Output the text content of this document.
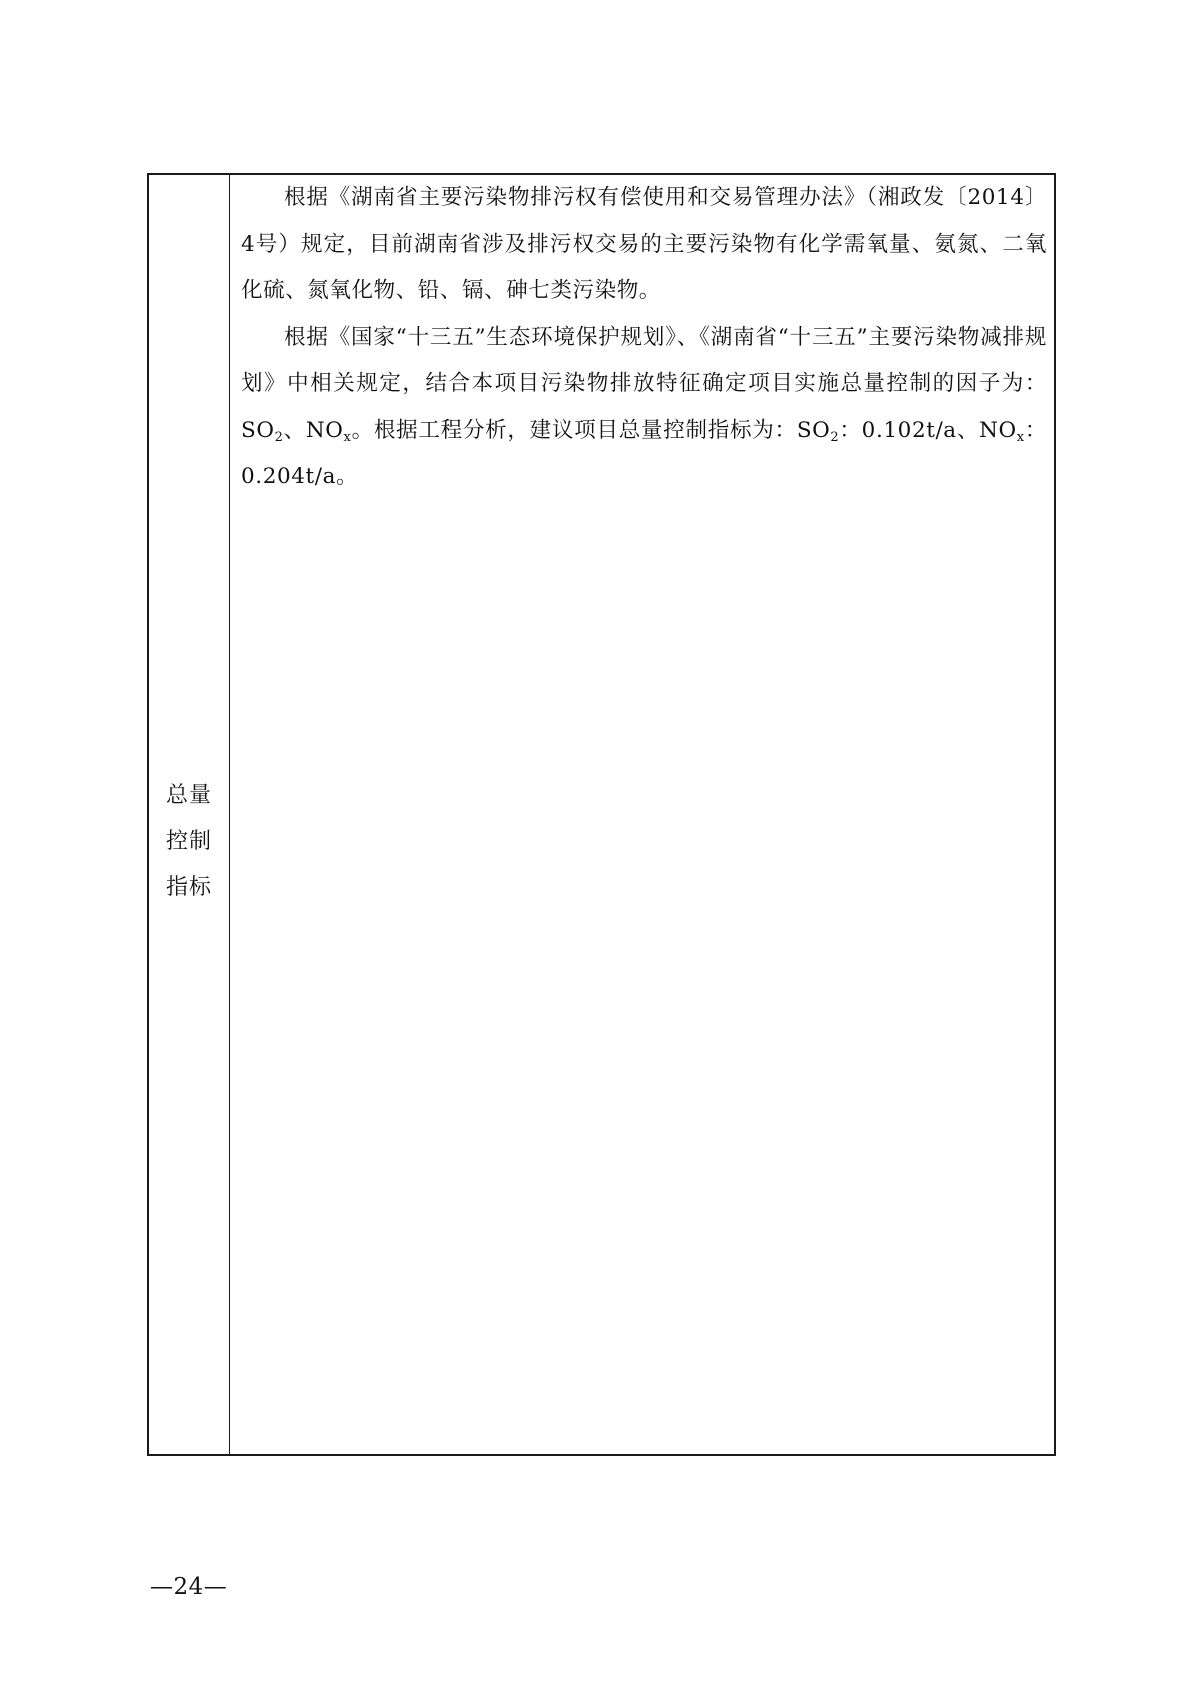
总量控制指标

根据《湖南省主要污染物排污权有偿使用和交易管理办法》（湘政发〔2014〕4号）规定，目前湖南省涉及排污权交易的主要污染物有化学需氧量、氨氮、二氧化硫、氮氧化物、铅、镉、砷七类污染物。

根据《国家“十三五”生态环境保护规划》、《湖南省“十三五”主要污染物减排规划》中相关规定，结合本项目污染物排放特征确定项目实施总量控制的因子为：$SO_2$、$NO_x$。根据工程分析，建议项目总量控制指标为：$SO_2$：0.102t/a、$NO_x$：0.204t/a。

—24—
